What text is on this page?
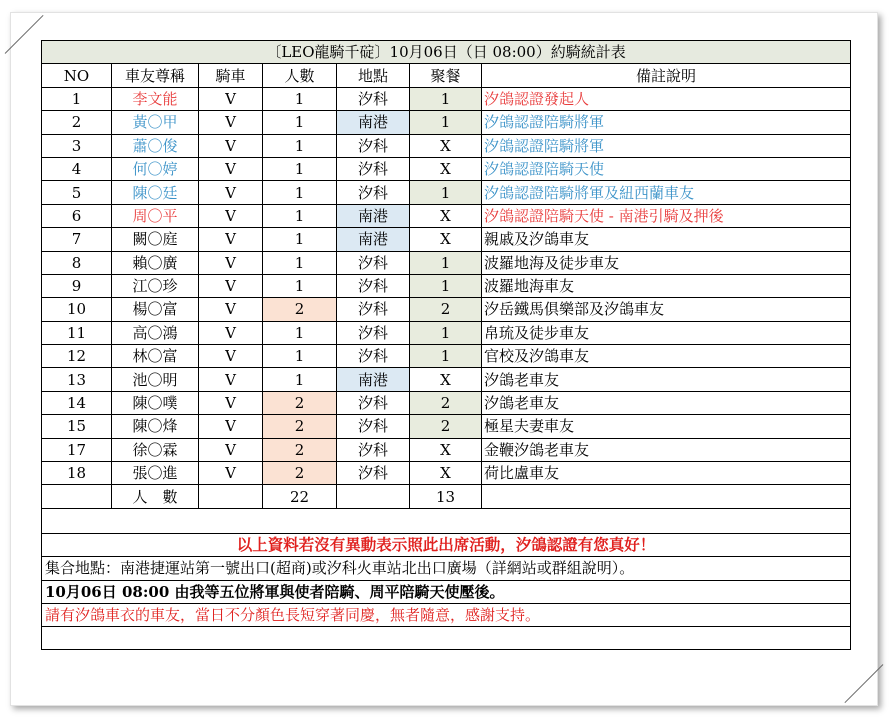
〔LEO龍騎千碇〕10月06日（日 08:00）約騎統計表						
NO	車友尊稱	騎車	人數	地點	聚餐	備註說明
1	李文能	V	1	汐科	1	汐鴿認證發起人
2	黃〇甲	V	1	南港	1	汐鴿認證陪騎將軍
3	蕭〇俊	V	1	汐科	X	汐鴿認證陪騎將軍
4	何〇婷	V	1	汐科	X	汐鴿認證陪騎天使
5	陳〇廷	V	1	汐科	1	汐鴿認證陪騎將軍及紐西蘭車友
6	周〇平	V	1	南港	X	汐鴿認證陪騎天使 - 南港引騎及押後
7	闕〇庭	V	1	南港	X	親戚及汐鴿車友
8	賴〇廣	V	1	汐科	1	波羅地海及徒步車友
9	江〇珍	V	1	汐科	1	波羅地海車友
10	楊〇富	V	2	汐科	2	汐岳鐵馬俱樂部及汐鴿車友
11	高〇鴻	V	1	汐科	1	帛琉及徒步車友
12	林〇富	V	1	汐科	1	官校及汐鴿車友
13	池〇明	V	1	南港	X	汐鴿老車友
14	陳〇噗	V	2	汐科	2	汐鴿老車友
15	陳〇烽	V	2	汐科	2	極星夫妻車友
17	徐〇霖	V	2	汐科	X	金鞭汐鴿老車友
18	張〇進	V	2	汐科	X	荷比盧車友
	人　數		22		13	

以上資料若沒有異動表示照此出席活動，汐鴿認證有您真好！						
集合地點：南港捷運站第一號出口(超商)或汐科火車站北出口廣場（詳網站或群組說明）。						
10月06日 08:00 由我等五位將軍與使者陪騎、周平陪騎天使壓後。						
請有汐鴿車衣的車友，當日不分顏色長短穿著同慶，無者隨意，感謝支持。						
